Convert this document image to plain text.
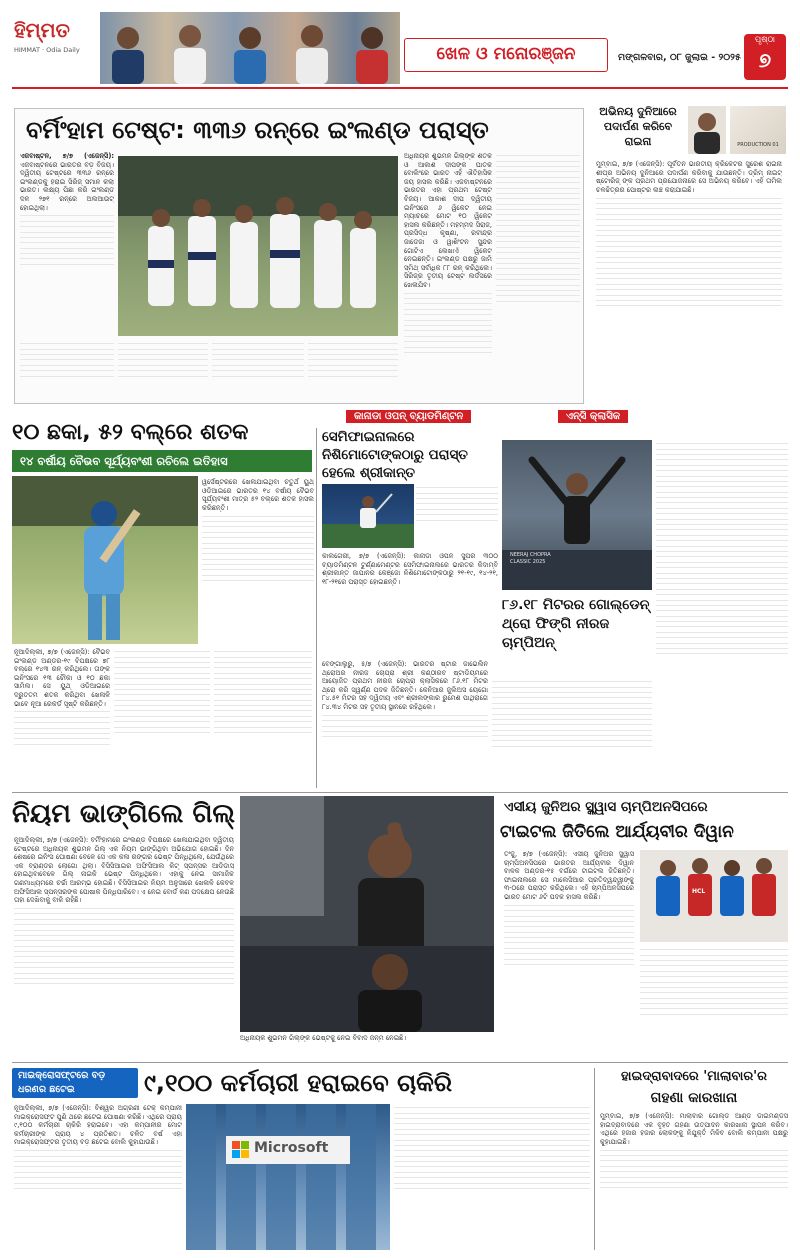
ହିମ୍ମତ
HIMMAT · Odia Daily	ଖେଳ ଓ ମନୋରଞ୍ଜନ	ମଙ୍ଗଳବାର, ୦୮ ଜୁଲାଇ - ୨୦୨୫
ପୃଷ୍ଠା
୭
ବର୍ମିଂହାମ ଟେଷ୍ଟ: ୩୩୬ ରନ୍‌ରେ ଇଂଲଣ୍ଡ ପରାସ୍ତ
ଏଜବାଷ୍ଟନ, ୭/୭ (ଏଜେନ୍ସି): ଏଜବାଷ୍ଟନରେ ଭାରତର ବଡ଼ ବିଜୟ। ଦ୍ୱିତୀୟ ଟେଷ୍ଟରେ ୩୩୬ ରନ୍‌ରେ ଇଂଲଣ୍ଡକୁ ହରାଇ ସିରିଜ୍‌ ସମାନ କଲା ଭାରତ। ଲକ୍ଷ୍ୟ ପିଛା କରି ଇଂଲଣ୍ଡ ଦଳ ୨୭୧ ରନ୍‌ରେ ଅଲଆଉଟ୍‌ ହୋଇଥିଲା।
ଅଧିନାୟକ ଶୁଭମନ ଗିଲ୍‌ଙ୍କ ଶତକ ଓ ଆକାଶ ଦୀପଙ୍କ ଘାତକ ବୋଲିଂରେ ଭାରତ ଏହି ଐତିହାସିକ ଜୟ ହାସଲ କରିଛି। ଏଜବାଷ୍ଟନରେ ଭାରତର ଏହା ପ୍ରଥମ ଟେଷ୍ଟ ବିଜୟ। ଆକାଶ ଦୀପ ଦ୍ୱିତୀୟ ଇନିଂସରେ ୬ ୱିକେଟ ନେଇ ମ୍ୟାଚରେ ମୋଟ ୧୦ ୱିକେଟ ହାସଲ କରିଛନ୍ତି। ମହମ୍ମଦ ସିରାଜ, ପ୍ରସିଦ୍ଧ କୃଷ୍ଣା, ରବୀନ୍ଦ୍ର ଜାଡେଜା ଓ ୱାଶିଂଟନ ସୁନ୍ଦର ଗୋଟିଏ ଲେଖାଏଁ ୱିକେଟ ନେଇଛନ୍ତି। ଇଂଲଣ୍ଡ ପକ୍ଷରୁ ଜାମି ସ୍ମିଥ୍‌ ସର୍ବାଧିକ ୮୮ ରନ୍‌ କରିଥିଲେ। ସିରିଜ୍‌ର ତୃତୀୟ ଟେଷ୍ଟ ଲର୍ଡସରେ ଖେଳାଯିବ।
ଅଭିନୟ ଦୁନିଆରେ ପଦାର୍ପଣ କରିବେ ରାଇନା	PRODUCTION 01
ମୁମ୍ବାଇ, ୭/୭ (ଏଜେନ୍ସି): ପୂର୍ବତନ ଭାରତୀୟ କ୍ରିକେଟର ସୁରେଶ ରାଇନା ଶୀଘ୍ର ଅଭିନୟ ଦୁନିଆରେ ପଦାର୍ପଣ କରିବାକୁ ଯାଉଛନ୍ତି। ଡ୍ରିମ୍‌ ନାଇଟ୍‌ ଷ୍ଟୋରିଜ୍‌ ଙ୍କ ପ୍ରଥମ ପ୍ରଯୋଜନାରେ ସେ ଅଭିନୟ କରିବେ। ଏହି ତାମିଲ ଚଳଚ୍ଚିତ୍ରର ପୋଷ୍ଟର ଲଞ୍ଚ କରାଯାଇଛି।
କାନାଡା ଓପନ୍ ବ୍ୟାଡମିଣ୍ଟନ	ଏନ୍‌ସି କ୍ଲାସିକ
୧୦ ଛକା, ୫୨ ବଲ୍‌ରେ ଶତକ
୧୪ ବର୍ଷୀୟ ବୈଭବ ସୂର୍ଯ୍ୟବଂଶୀ ରଚିଲେ ଇତିହାସ
ୱର୍ସେଷ୍ଟରରେ ଖେଳାଯାଇଥିବା ଚତୁର୍ଥ ୟୁଥ୍‌ ଓଡିଆଇରେ ଭାରତର ୧୪ ବର୍ଷୀୟ ବୈଭବ ସୂର୍ଯ୍ୟବଂଶୀ ମାତ୍ର ୫୨ ବଲ୍‌ରେ ଶତକ ହାସଲ କରିଛନ୍ତି।
ନୂଆଦିଲ୍ଲୀ, ୭/୭ (ଏଜେନ୍ସି): ବୈଭବ ଇଂଲଣ୍ଡ ଅଣ୍ଡର-୧୯ ବିପକ୍ଷରେ ୭୮ ବଲ୍‌ରେ ୧୪୩ ରନ୍‌ କରିଥିଲେ। ତାଙ୍କ ଇନିଂସରେ ୧୩ ଚୌକା ଓ ୧୦ ଛକା ସାମିଲ। ସେ ୟୁଥ୍‌ ଓଡିଆଇରେ ଦ୍ରୁତତମ ଶତକ କରିଥିବା ଖେଳାଳି ଭାବେ ନୂଆ ରେକର୍ଡ ସୃଷ୍ଟି କରିଛନ୍ତି।
ସେମିଫାଇନାଲରେ ନିଶିମୋଟୋଙ୍କଠାରୁ ପରାସ୍ତ ହେଲେ ଶ୍ରୀକାନ୍ତ
କାଲଗେରୀ, ୭/୭ (ଏଜେନ୍ସି): କାନାଡା ଓପନ ସୁପର ୩୦୦ ବ୍ୟାଡମିଣ୍ଟନ ଟୁର୍ଣ୍ଣାମେଣ୍ଟର ସେମିଫାଇନାଲରେ ଭାରତର କିଦାମ୍ବି ଶ୍ରୀକାନ୍ତ ଜାପାନର କେଞ୍ଜୋ ନିଶିମୋଟୋଙ୍କଠାରୁ ୨୧-୧୯, ୧୪-୨୧, ୧୮-୨୧ରେ ପରାସ୍ତ ହୋଇଛନ୍ତି।
NEERAJ CHOPRA CLASSIC 2025
୮୬.୧୮ ମିଟରର ଗୋଲ୍ଡେନ୍ ଥ୍ରୋ ଫିଙ୍ଗି ନୀରଜ ଚାମ୍ପିଅନ୍
ବେଙ୍ଗାଲୁରୁ, ୫/୭ (ଏଜେନ୍ସି): ଭାରତର ଷ୍ଟାର ଜାଭେଲିନ ଥ୍ରୋଅର ନୀରଜ ଚୋପ୍ରା ଶ୍ରୀ କଣ୍ଠୀରବ ଷ୍ଟାଡିୟମରେ ଆୟୋଜିତ ପ୍ରଥମ ନୀରଜ ଚୋପ୍ରା କ୍ଲାସିକରେ ୮୬.୧୮ ମିଟର ଥ୍ରୋ କରି ସ୍ୱର୍ଣ୍ଣ ପଦକ ଜିତିଛନ୍ତି। କେନିଆର ଜୁଲିଅସ ୟେଗୋ ୮୪.୫୧ ମିଟର ସହ ଦ୍ୱିତୀୟ ଏବଂ ଶ୍ରୀଲଙ୍କାର ରୁମେଶ ପାଥିରାଗେ ୮୪.୩୪ ମିଟର ସହ ତୃତୀୟ ସ୍ଥାନରେ ରହିଥିଲେ।
ନିୟମ ଭାଙ୍ଗିଲେ ଗିଲ୍
ନୂଆଦିଲ୍ଲୀ, ୭/୭ (ଏଜେନ୍ସି): ବର୍ମିଂହାମରେ ଇଂଲଣ୍ଡ ବିପକ୍ଷରେ ଖେଳାଯାଇଥିବା ଦ୍ୱିତୀୟ ଟେଷ୍ଟରେ ଅଧିନାୟକ ଶୁଭମନ ଗିଲ୍‌ ଏକ ନିୟମ ଭାଙ୍ଗିଥିବା ଅଭିଯୋଗ ହୋଇଛି। ଦିନ ଶେଷରେ ଇନିଂସ ଘୋଷଣା ବେଳେ ସେ ଏକ କଳା ରଙ୍ଗର ଭେଷ୍ଟ ପିନ୍ଧିଥିଲେ, ଯେଉଁଥିରେ ଏକ ବ୍ରାଣ୍ଡର ଲୋଗୋ ଥିଲା। ବିସିସିଆଇର ଅଫିସିଆଲ କିଟ୍‌ ସ୍ପନ୍ସର ଆଡିଡାସ୍‌ ହୋଇଥିବାବେଳେ ଗିଲ୍‌ ନାଇକି ଭେଷ୍ଟ ପିନ୍ଧିଥିଲେ। ଏହାକୁ ନେଇ ସାମାଜିକ ଗଣମାଧ୍ୟମରେ ଚର୍ଚ୍ଚା ଆରମ୍ଭ ହୋଇଛି। ବିସିସିଆଇର ନିୟମ ଅନୁସାରେ ଖେଳାଳି କେବଳ ଅଫିସିଆଲ ସ୍ପନ୍ସରଙ୍କ ପୋଷାକ ପିନ୍ଧିପାରିବେ। ଏ ନେଇ ବୋର୍ଡ କଣ ପଦକ୍ଷେପ ନେଉଛି ତାହା ଦେଖିବାକୁ ବାକି ରହିଛି।
ଅଧିନାୟକ ଶୁଭମନ ଗିଲ୍‌ଙ୍କ ଭେଷ୍ଟକୁ ନେଇ ବିବାଦ ଜନ୍ମ ନେଇଛି।
ଏସୀୟ ଜୁନିଅର ସ୍କ୍ୱାସ ଚାମ୍ପିଅନସିପରେ
ଟାଇଟଲ ଜିତିଲେ ଆର୍ଯ୍ୟବୀର ଦିୱାନ
ତଂଜୁ, ୭/୭ (ଏଜେନ୍ସି): ଏସୀୟ ଜୁନିଅର ସ୍କ୍ୱାସ ଚାମ୍ପିଅନସିପରେ ଭାରତର ଆର୍ଯ୍ୟବୀର ଦିୱାନ ବାଳକ ଅଣ୍ଡର-୧୫ ବର୍ଗରେ ଟାଇଟଲ ଜିତିଛନ୍ତି। ଫାଇନାଲରେ ସେ ମାଲେସିଆର ପ୍ରତିଦ୍ୱନ୍ଦ୍ୱୀଙ୍କୁ ୩-୦ରେ ପରାସ୍ତ କରିଥିଲେ। ଏହି ଚାମ୍ପିଅନସିପରେ ଭାରତ ମୋଟ ୬ଟି ପଦକ ହାସଲ କରିଛି।
HCL
ମାଇକ୍ରୋସଫ୍ଟରେ ବଡ଼ ଧରଣର ଛଟେଇ	୯,୧୦୦ କର୍ମଚାରୀ ହରାଇବେ ଚାକିରି
ନୂଆଦିଲ୍ଲୀ, ୭/୭ (ଏଜେନ୍ସି): ବିଶ୍ୱର ଅଗ୍ରଣୀ ଟେକ୍‌ କମ୍ପାନୀ ମାଇକ୍ରୋସଫ୍ଟ ପୁଣି ଥରେ ଛଟେଇ ଘୋଷଣା କରିଛି। ଏଥିରେ ପ୍ରାୟ ୯,୧୦୦ କର୍ମଚାରୀ ଚାକିରି ହରାଇବେ। ଏହା କମ୍ପାନୀର ମୋଟ କର୍ମଚାରୀଙ୍କ ପ୍ରାୟ ୪ ପ୍ରତିଶତ। ଚଳିତ ବର୍ଷ ଏହା ମାଇକ୍ରୋସଫ୍ଟର ତୃତୀୟ ବଡ଼ ଛଟେଇ ବୋଲି କୁହାଯାଉଛି।	Microsoft
ହାଇଦ୍ରାବାଦରେ 'ମାଲାବାର'ର
ଗହଣା କାରଖାନା
ମୁମ୍ବାଇ, ୭/୭ (ଏଜେନ୍ସି): ମାଲାବାର ଗୋଲ୍ଡ ଆଣ୍ଡ ଡାଇମଣ୍ଡସ ହାଇଦ୍ରାବାଦରେ ଏକ ବୃହତ ଗହଣା ଉତ୍ପାଦନ କାରଖାନା ସ୍ଥାପନ କରିବ। ଏଥିରେ ହଜାର ହଜାର ଲୋକଙ୍କୁ ନିଯୁକ୍ତି ମିଳିବ ବୋଲି କମ୍ପାନୀ ପକ୍ଷରୁ କୁହାଯାଇଛି।
